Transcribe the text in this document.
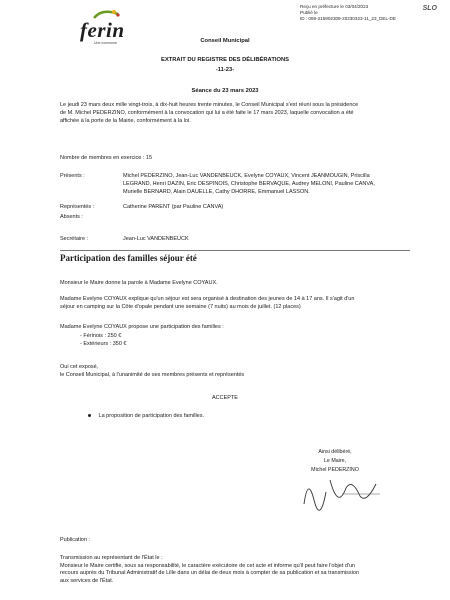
ferin
Une commune
Reçu en préfecture le 03/04/2023
Publié le
ID : 059-215902309-20230323-11_23_DEL-DE
SLO
Conseil Municipal
EXTRAIT DU REGISTRE DES DÉLIBÉRATIONS
-11-23-
Séance du 23 mars 2023
Le jeudi 23 mars deux mille vingt-trois, à dix-huit heures trente minutes, le Conseil Municipal s'est réuni sous la présidence
de M. Michel PEDERZINO, conformément à la convocation qui lui a été faite le 17 mars 2023, laquelle convocation a été
affichée à la porte de la Mairie, conformément à la loi.
Nombre de membres en exercice : 15
Présents :	Michel PEDERZINO, Jean-Luc VANDENBEUCK, Evelyne COYAUX, Vincent JEANMOUGIN, Priscilla
LEGRAND, Henri DAZIN, Eric DESPINOIS, Christophe BERVAQUE, Audrey MELONI, Pauline CANVA,
Murielle BERNARD, Alain DAUELLE, Cathy DHORRE, Emmanuel LASSON.
Représentés :	Catherine PARENT (par Pauline CANVA)
Absents :
Secrétaire :	Jean-Luc VANDENBEUCK
Participation des familles séjour été
Monsieur le Maire donne la parole à Madame Evelyne COYAUX.
Madame Evelyne COYAUX explique qu'un séjour est sera organisé à destination des jeunes de 14 à 17 ans. Il s'agit d'un
séjour en camping sur la Côte d'opale pendant une semaine (7 nuits) au mois de juillet. (12 places)
Madame Evelyne COYAUX propose une participation des familles :
- Férinois : 250 €
- Extérieurs : 350 €
Oui cet exposé,
le Conseil Municipal, à l'unanimité de ses membres présents et représentés
ACCEPTE
La proposition de participation des familles.
Ainsi délibéré,
Le Maire,
Michel PEDERZINO
Publication :
Transmission au représentant de l'État le :
Monsieur le Maire certifie, sous sa responsabilité, le caractère exécutoire de cet acte et informe qu'il peut faire l'objet d'un
recours auprès du Tribunal Administratif de Lille dans un délai de deux mois à compter de sa publication et sa transmission
aux services de l'État.
